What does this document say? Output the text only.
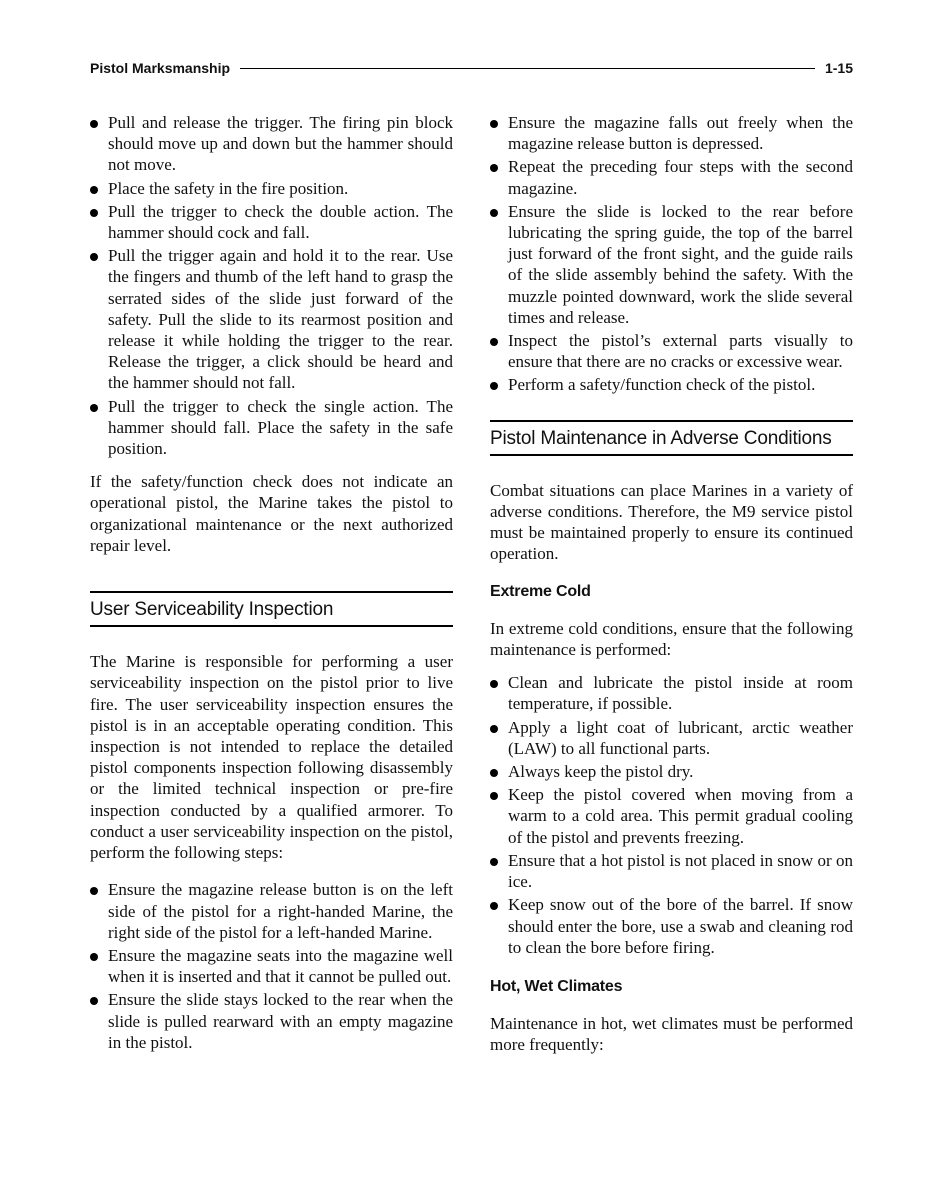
Pistol Marksmanship	1-15
Pull and release the trigger. The firing pin block should move up and down but the hammer should not move.
Place the safety in the fire position.
Pull the trigger to check the double action. The hammer should cock and fall.
Pull the trigger again and hold it to the rear. Use the fingers and thumb of the left hand to grasp the serrated sides of the slide just forward of the safety. Pull the slide to its rearmost position and release it while holding the trigger to the rear. Release the trigger, a click should be heard and the hammer should not fall.
Pull the trigger to check the single action. The hammer should fall. Place the safety in the safe position.

If the safety/function check does not indicate an operational pistol, the Marine takes the pistol to organizational maintenance or the next authorized repair level.

User Serviceability Inspection

The Marine is responsible for performing a user serviceability inspection on the pistol prior to live fire. The user serviceability inspection ensures the pistol is in an acceptable operating condition. This inspection is not intended to replace the detailed pistol components inspection following disassembly or the limited technical inspection or pre-fire inspection conducted by a qualified armorer. To conduct a user serviceability inspection on the pistol, perform the following steps:

Ensure the magazine release button is on the left side of the pistol for a right-handed Marine, the right side of the pistol for a left-handed Marine.
Ensure the magazine seats into the magazine well when it is inserted and that it cannot be pulled out.
Ensure the slide stays locked to the rear when the slide is pulled rearward with an empty magazine in the pistol.
Ensure the magazine falls out freely when the magazine release button is depressed.
Repeat the preceding four steps with the second magazine.
Ensure the slide is locked to the rear before lubricating the spring guide, the top of the barrel just forward of the front sight, and the guide rails of the slide assembly behind the safety. With the muzzle pointed downward, work the slide several times and release.
Inspect the pistol’s external parts visually to ensure that there are no cracks or excessive wear.
Perform a safety/function check of the pistol.
Pistol Maintenance in Adverse Conditions

Combat situations can place Marines in a variety of adverse conditions. Therefore, the M9 service pistol must be maintained properly to ensure its continued operation.

Extreme Cold

In extreme cold conditions, ensure that the following maintenance is performed:

Clean and lubricate the pistol inside at room temperature, if possible.
Apply a light coat of lubricant, arctic weather (LAW) to all functional parts.
Always keep the pistol dry.
Keep the pistol covered when moving from a warm to a cold area. This permit gradual cooling of the pistol and prevents freezing.
Ensure that a hot pistol is not placed in snow or on ice.
Keep snow out of the bore of the barrel. If snow should enter the bore, use a swab and cleaning rod to clean the bore before firing.
Hot, Wet Climates

Maintenance in hot, wet climates must be performed more frequently:
